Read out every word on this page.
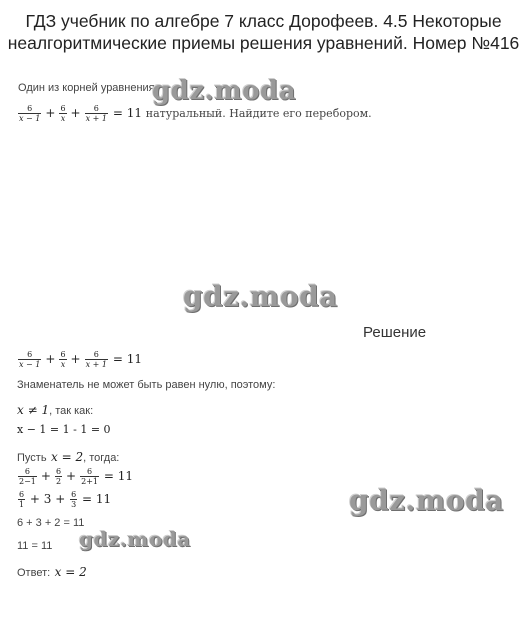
ГДЗ учебник по алгебре 7 класс Дорофеев. 4.5 Некоторые
неалгоритмические приемы решения уравнений. Номер №416
Один из корней уравнения
$\frac{6}{x - 1} + \frac{6}{x} + \frac{6}{x + 1} = 11$ натуральный. Найдите его перебором.
gdz.moda
gdz.moda
gdz.moda
gdz.moda
Решение
$\frac{6}{x - 1} + \frac{6}{x} + \frac{6}{x + 1} = 11$
Знаменатель не может быть равен нулю, поэтому:
x ≠ 1, так как:
x − 1 = 1 - 1 = 0
Пусть x = 2, тогда:
$\frac{6}{2-1} + \frac{6}{2} + \frac{6}{2+1} = 11$
$\frac{6}{1} + 3 + \frac{6}{3} = 11$
6 + 3 + 2 = 11
11 = 11
Ответ: x = 2
